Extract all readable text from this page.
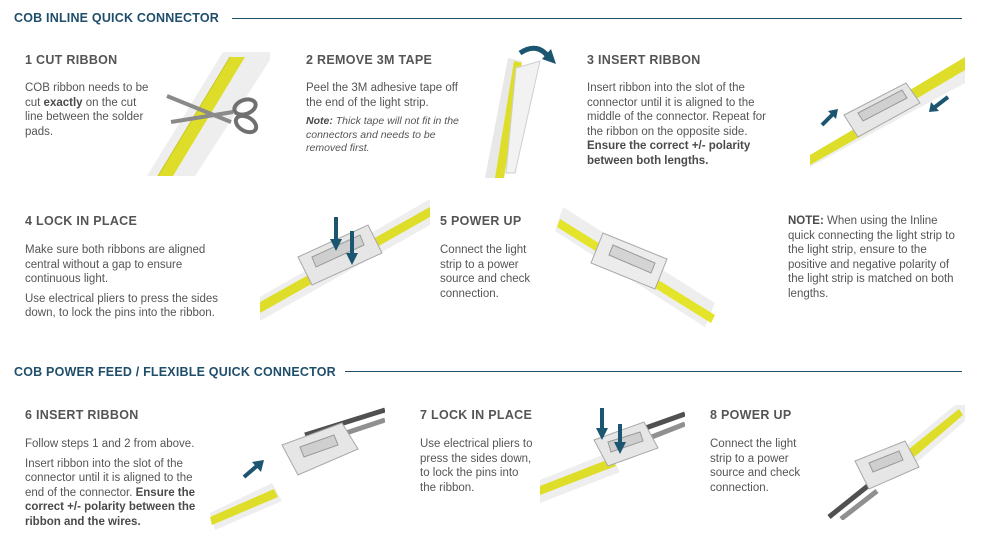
COB INLINE QUICK CONNECTOR
1 CUT RIBBON
COB ribbon needs to be cut exactly on the cut line between the solder pads.
2 REMOVE 3M TAPE
Peel the 3M adhesive tape off the end of the light strip.
Note: Thick tape will not fit in the connectors and needs to be removed first.
3 INSERT RIBBON
Insert ribbon into the slot of the connector until it is aligned to the middle of the connector. Repeat for the ribbon on the opposite side. Ensure the correct +/- polarity between both lengths.
4 LOCK IN PLACE
Make sure both ribbons are aligned central without a gap to ensure continuous light.
Use electrical pliers to press the sides down, to lock the pins into the ribbon.
5 POWER UP
Connect the light strip to a power source and check connection.
NOTE: When using the Inline quick connecting the light strip to the light strip, ensure to the positive and negative polarity of the light strip is matched on both lengths.
COB POWER FEED / FLEXIBLE QUICK CONNECTOR
6 INSERT RIBBON
Follow steps 1 and 2 from above.
Insert ribbon into the slot of the connector until it is aligned to the end of the connector. Ensure the correct +/- polarity between the ribbon and the wires.
7 LOCK IN PLACE
Use electrical pliers to press the sides down, to lock the pins into the ribbon.
8 POWER UP
Connect the light strip to a power source and check connection.
